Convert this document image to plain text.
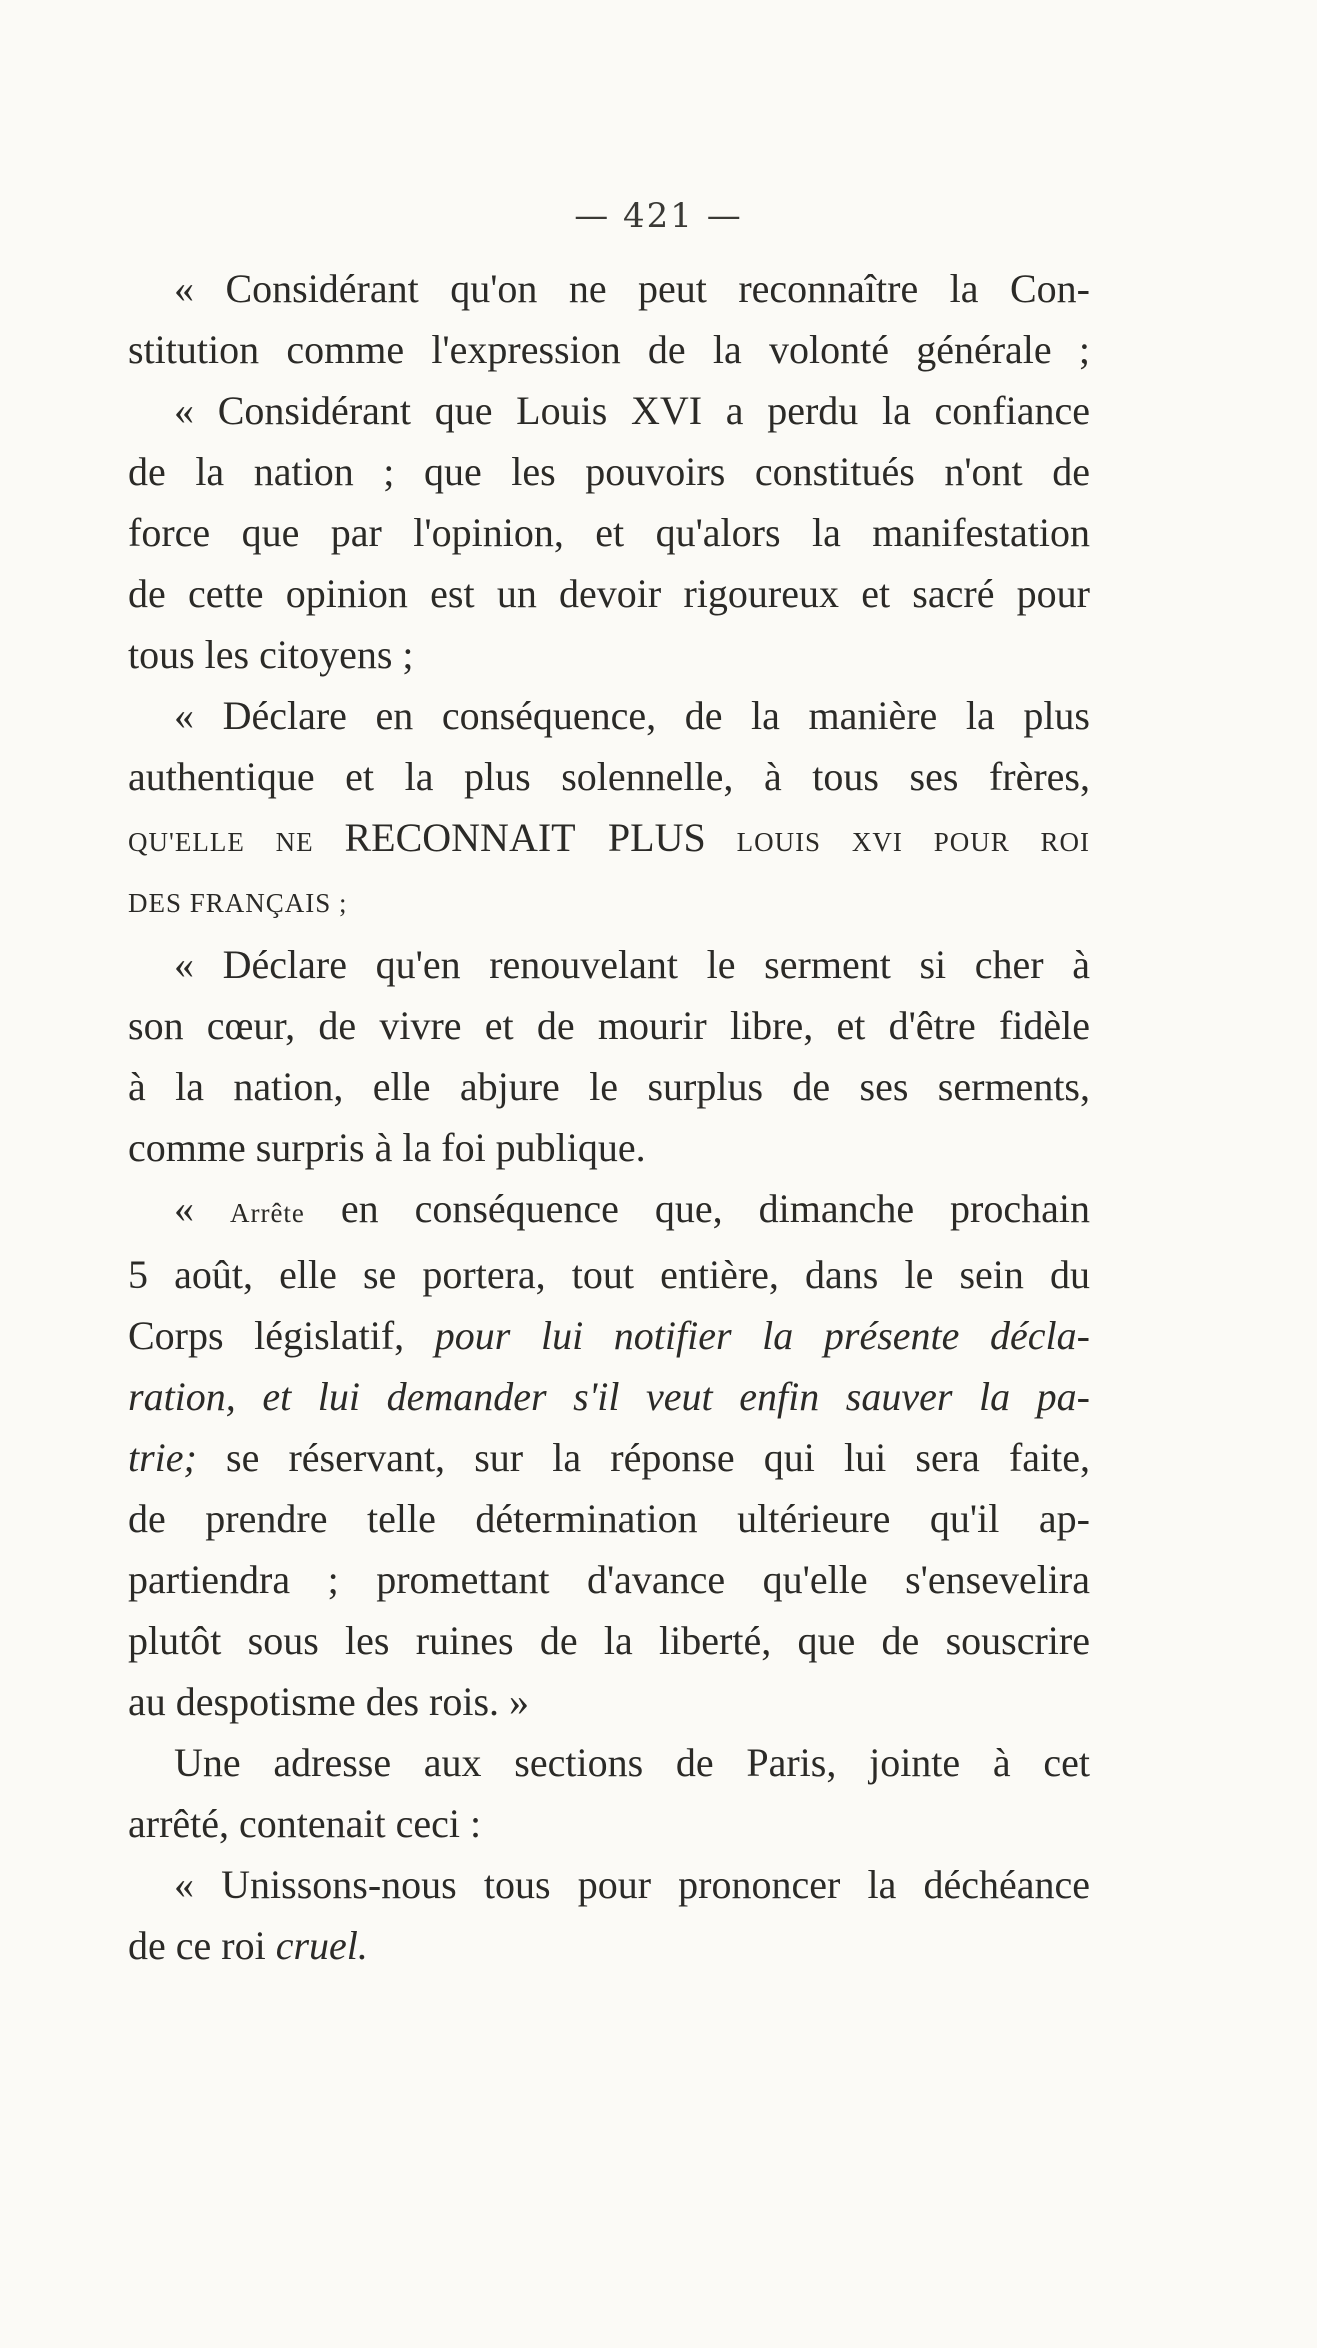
— 421 —
« Considérant qu'on ne peut reconnaître la Con-
stitution comme l'expression de la volonté générale ;
« Considérant que Louis XVI a perdu la confiance
de la nation ; que les pouvoirs constitués n'ont de
force que par l'opinion, et qu'alors la manifestation
de cette opinion est un devoir rigoureux et sacré pour
tous les citoyens ;
« Déclare en conséquence, de la manière la plus
authentique et la plus solennelle, à tous ses frères,
QU'ELLE NE RECONNAIT PLUS LOUIS XVI POUR ROI
DES FRANÇAIS ;
« Déclare qu'en renouvelant le serment si cher à
son cœur, de vivre et de mourir libre, et d'être fidèle
à la nation, elle abjure le surplus de ses serments,
comme surpris à la foi publique.
« Arrête en conséquence que, dimanche prochain
5 août, elle se portera, tout entière, dans le sein du
Corps législatif, pour lui notifier la présente décla-
ration, et lui demander s'il veut enfin sauver la pa-
trie; se réservant, sur la réponse qui lui sera faite,
de prendre telle détermination ultérieure qu'il ap-
partiendra ; promettant d'avance qu'elle s'ensevelira
plutôt sous les ruines de la liberté, que de souscrire
au despotisme des rois. »
Une adresse aux sections de Paris, jointe à cet
arrêté, contenait ceci :
« Unissons-nous tous pour prononcer la déchéance
de ce roi cruel.
